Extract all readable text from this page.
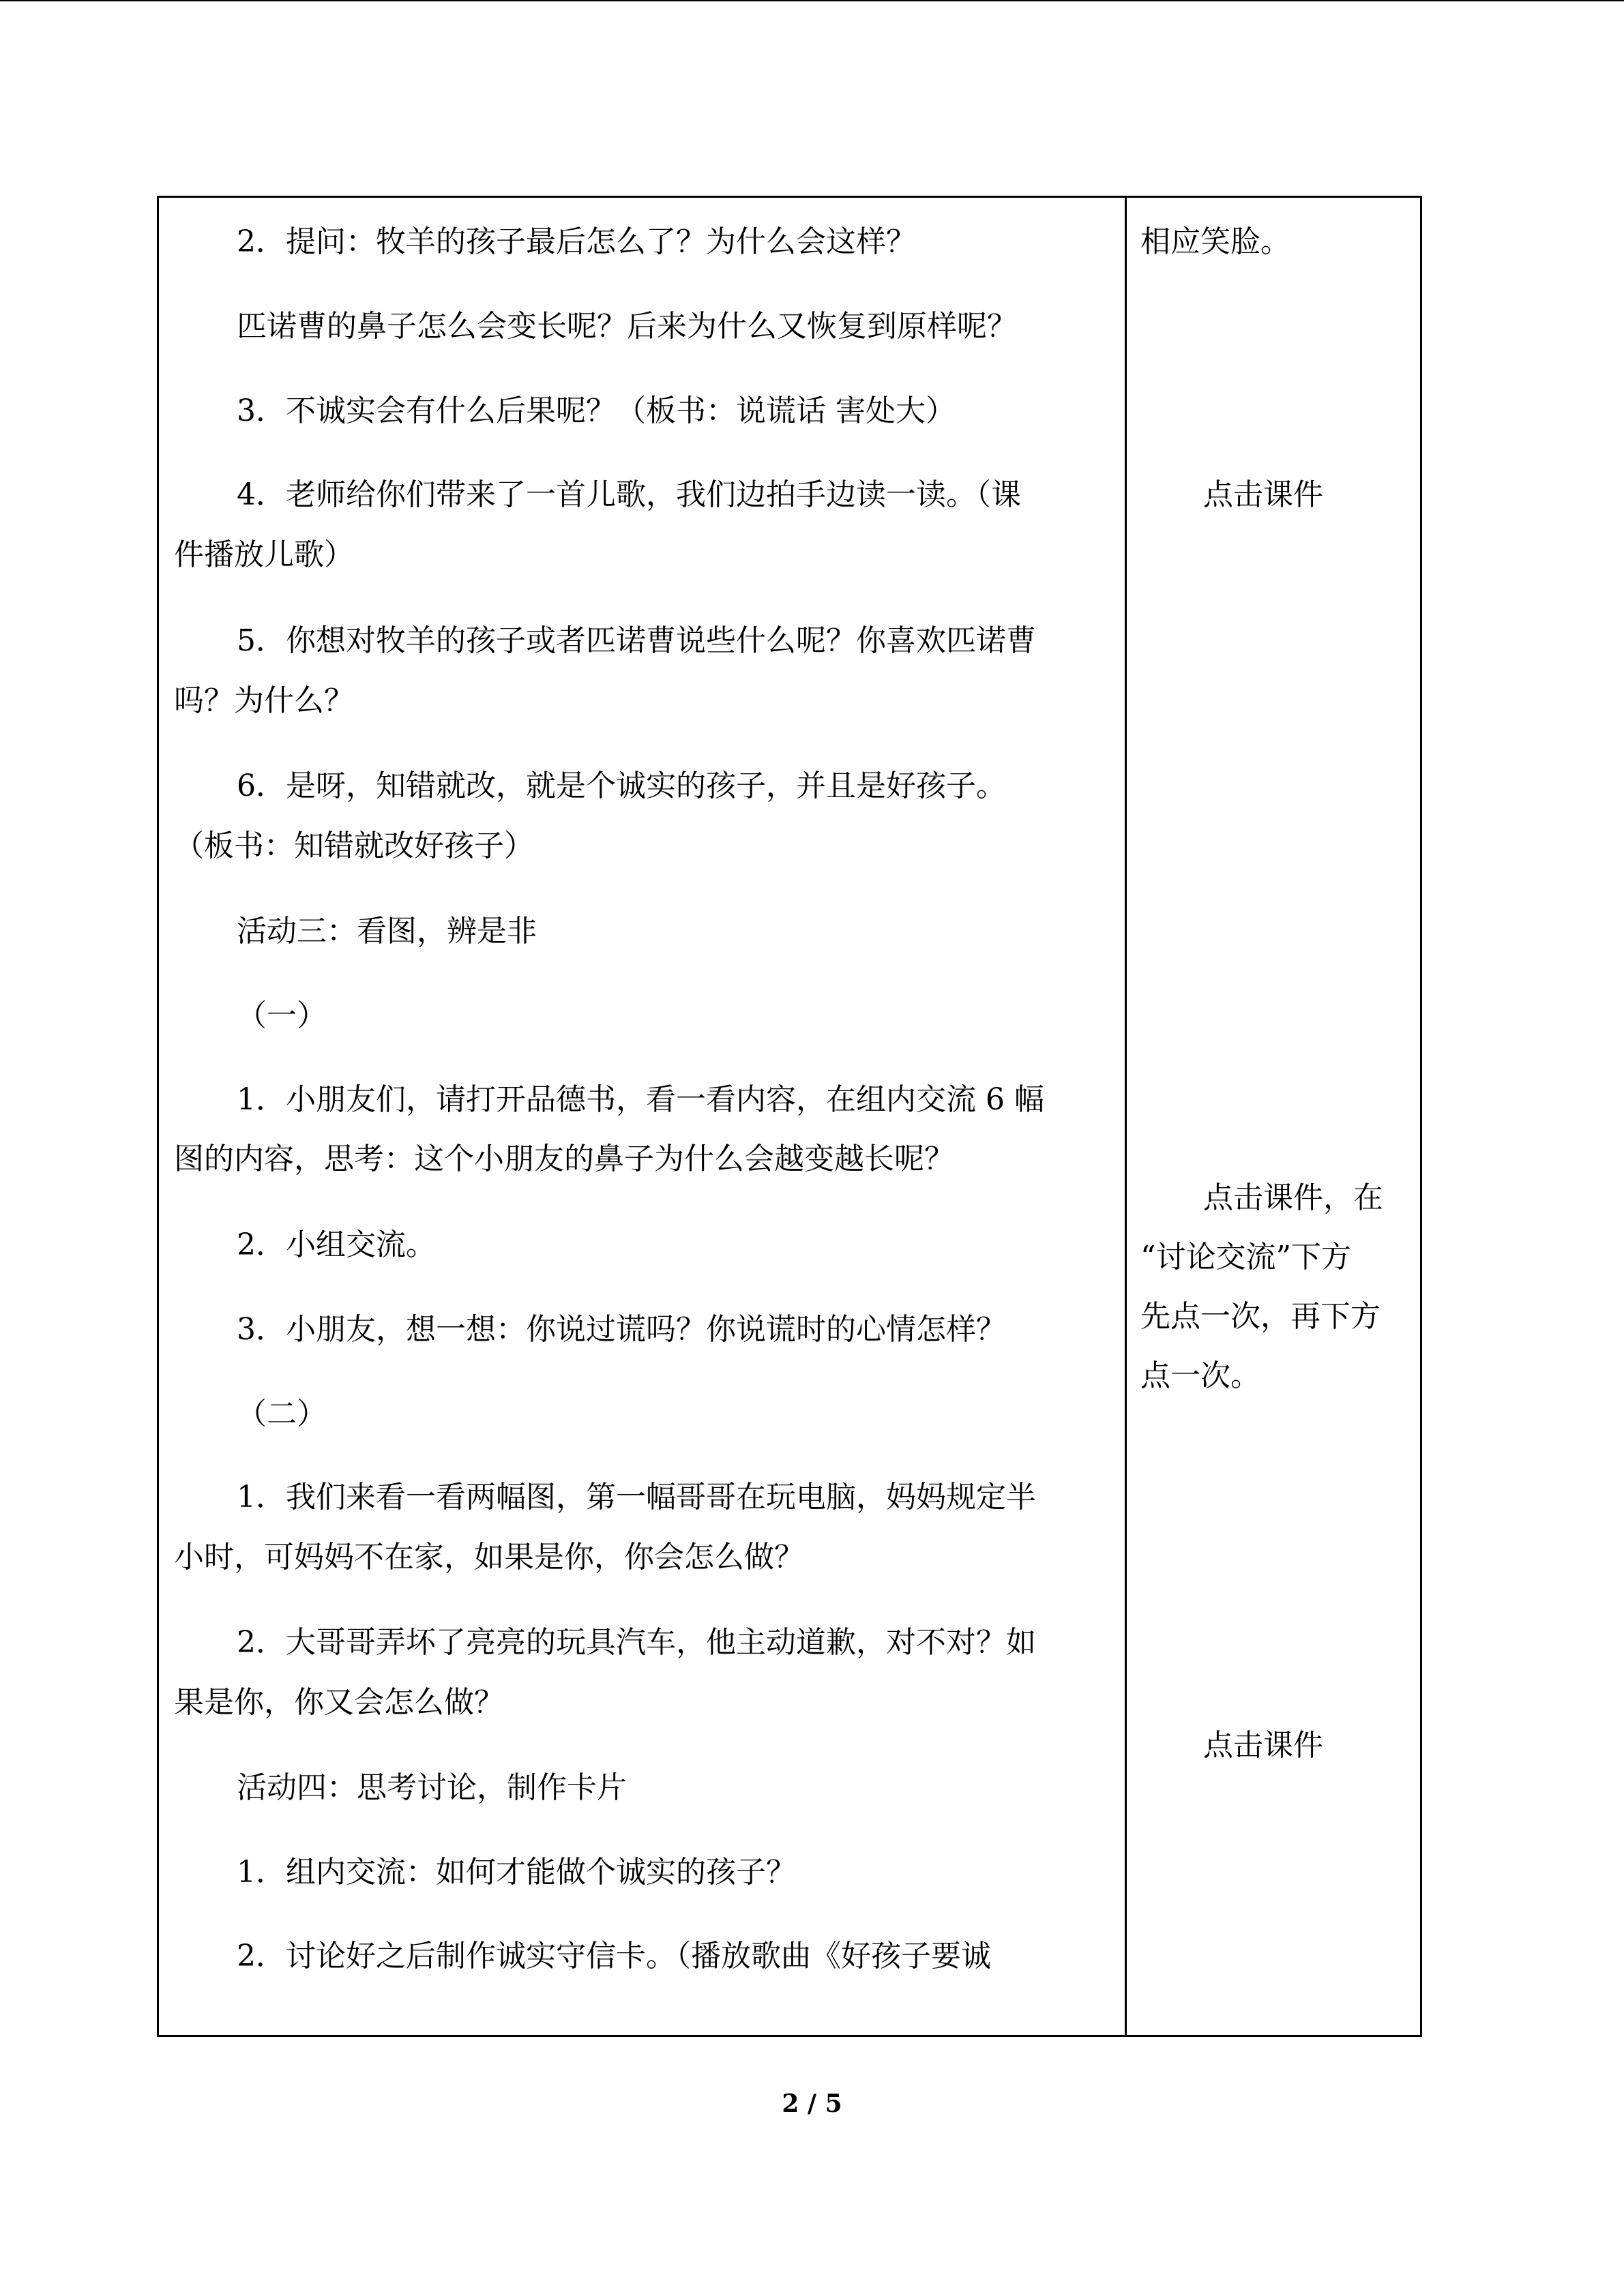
2．提问：牧羊的孩子最后怎么了？为什么会这样？
匹诺曹的鼻子怎么会变长呢？后来为什么又恢复到原样呢？
3．不诚实会有什么后果呢？（板书：说谎话 害处大）
4．老师给你们带来了一首儿歌，我们边拍手边读一读。（课
件播放儿歌）
5．你想对牧羊的孩子或者匹诺曹说些什么呢？你喜欢匹诺曹
吗？为什么？
6．是呀，知错就改，就是个诚实的孩子，并且是好孩子。
（板书：知错就改好孩子）
活动三：看图，辨是非
（一）
1．小朋友们，请打开品德书，看一看内容，在组内交流 6 幅
图的内容，思考：这个小朋友的鼻子为什么会越变越长呢？
2．小组交流。
3．小朋友，想一想：你说过谎吗？你说谎时的心情怎样？
（二）
1．我们来看一看两幅图，第一幅哥哥在玩电脑，妈妈规定半
小时，可妈妈不在家，如果是你，你会怎么做？
2．大哥哥弄坏了亮亮的玩具汽车，他主动道歉，对不对？如
果是你，你又会怎么做？
活动四：思考讨论，制作卡片
1．组内交流：如何才能做个诚实的孩子？
2．讨论好之后制作诚实守信卡。（播放歌曲《好孩子要诚
相应笑脸。
点击课件
点击课件，在
“讨论交流”下方
先点一次，再下方
点一次。
点击课件
2 / 5
